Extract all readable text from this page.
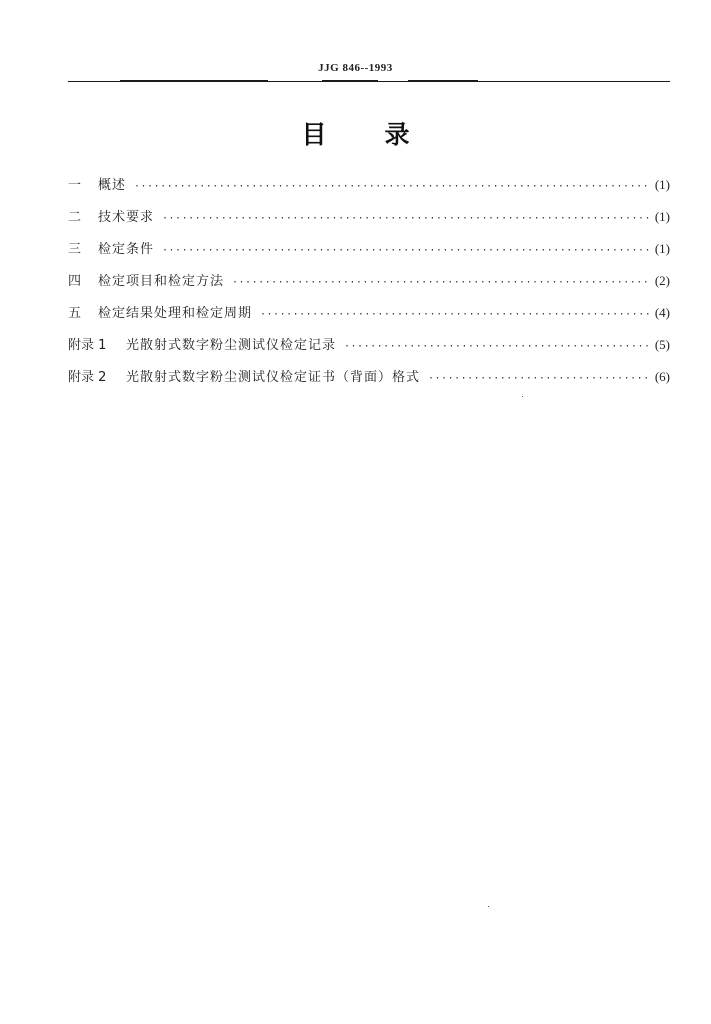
JJG 846--1993
目录
一	概述 ·····	(1)
二	技术要求 ·····	(1)
三	检定条件 ·····	(1)
四	检定项目和检定方法 ·····	(2)
五	检定结果处理和检定周期 ·····	(4)
附录 1	光散射式数字粉尘测试仪检定记录 ·····	(5)
附录 2	光散射式数字粉尘测试仪检定证书（背面）格式 ·····	(6)
